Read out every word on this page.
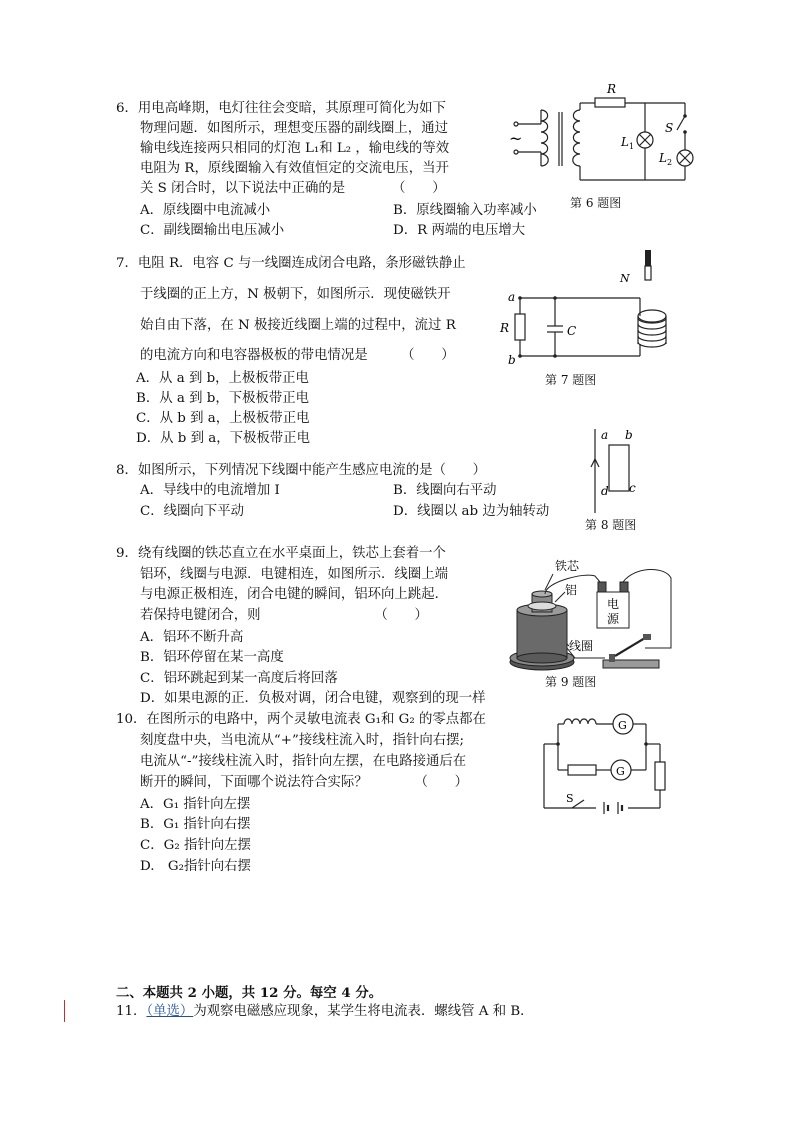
6．用电高峰期，电灯往往会变暗，其原理可简化为如下
物理问题．如图所示，理想变压器的副线圈上，通过
输电线连接两只相同的灯泡 L₁和 L₂ ，输电线的等效
电阻为 R，原线圈输入有效值恒定的交流电压，当开
关 S 闭合时，以下说法中正确的是　　　　（　　）
A．原线圈中电流减小	B．原线圈输入功率减小
C．副线圈输出电压减小	D．R 两端的电压增大
R
~	L 1
L 2
S
第 6 题图
7．电阻 R．电容 C 与一线圈连成闭合电路，条形磁铁静止
于线圈的正上方，N 极朝下，如图所示．现使磁铁开
始自由下落，在 N 极接近线圈上端的过程中，流过 R
的电流方向和电容器极板的带电情况是　　　（　　）
A．从 a 到 b，上极板带正电
B．从 a 到 b，下极板带正电
C．从 b 到 a，上极板带正电
D．从 b 到 a，下极板带正电
a
b
R	C
N
第 7 题图
8．如图所示，下列情况下线圈中能产生感应电流的是（　　）
A．导线中的电流增加 I	B．线圈向右平动
C．线圈向下平动	D．线圈以 ab 边为轴转动
a b
d c
第 8 题图
9．绕有线圈的铁芯直立在水平桌面上，铁芯上套着一个
铝环，线圈与电源．电键相连，如图所示．线圈上端
与电源正极相连，闭合电键的瞬间，铝环向上跳起．
若保持电键闭合，则　　　　　　　　　（　　）
A．铝环不断升高
B．铝环停留在某一高度
C．铝环跳起到某一高度后将回落
D．如果电源的正．负极对调，闭合电键，观察到的现一样
铁芯
铝
线圈
电
源
第 9 题图
10．在图所示的电路中，两个灵敏电流表 G₁和 G₂ 的零点都在
刻度盘中央，当电流从“+”接线柱流入时，指针向右摆;
电流从“-”接线柱流入时，指针向左摆，在电路接通后在
断开的瞬间，下面哪个说法符合实际？　　　　（　　）
A．G₁ 指针向左摆
B．G₁ 指针向右摆
C．G₂ 指针向左摆
D.　G₂指针向右摆
G
G
S
二、本题共 2 小题，共 12 分。每空 4 分。
11．（单选）为观察电磁感应现象，某学生将电流表．螺线管 A 和 B．
